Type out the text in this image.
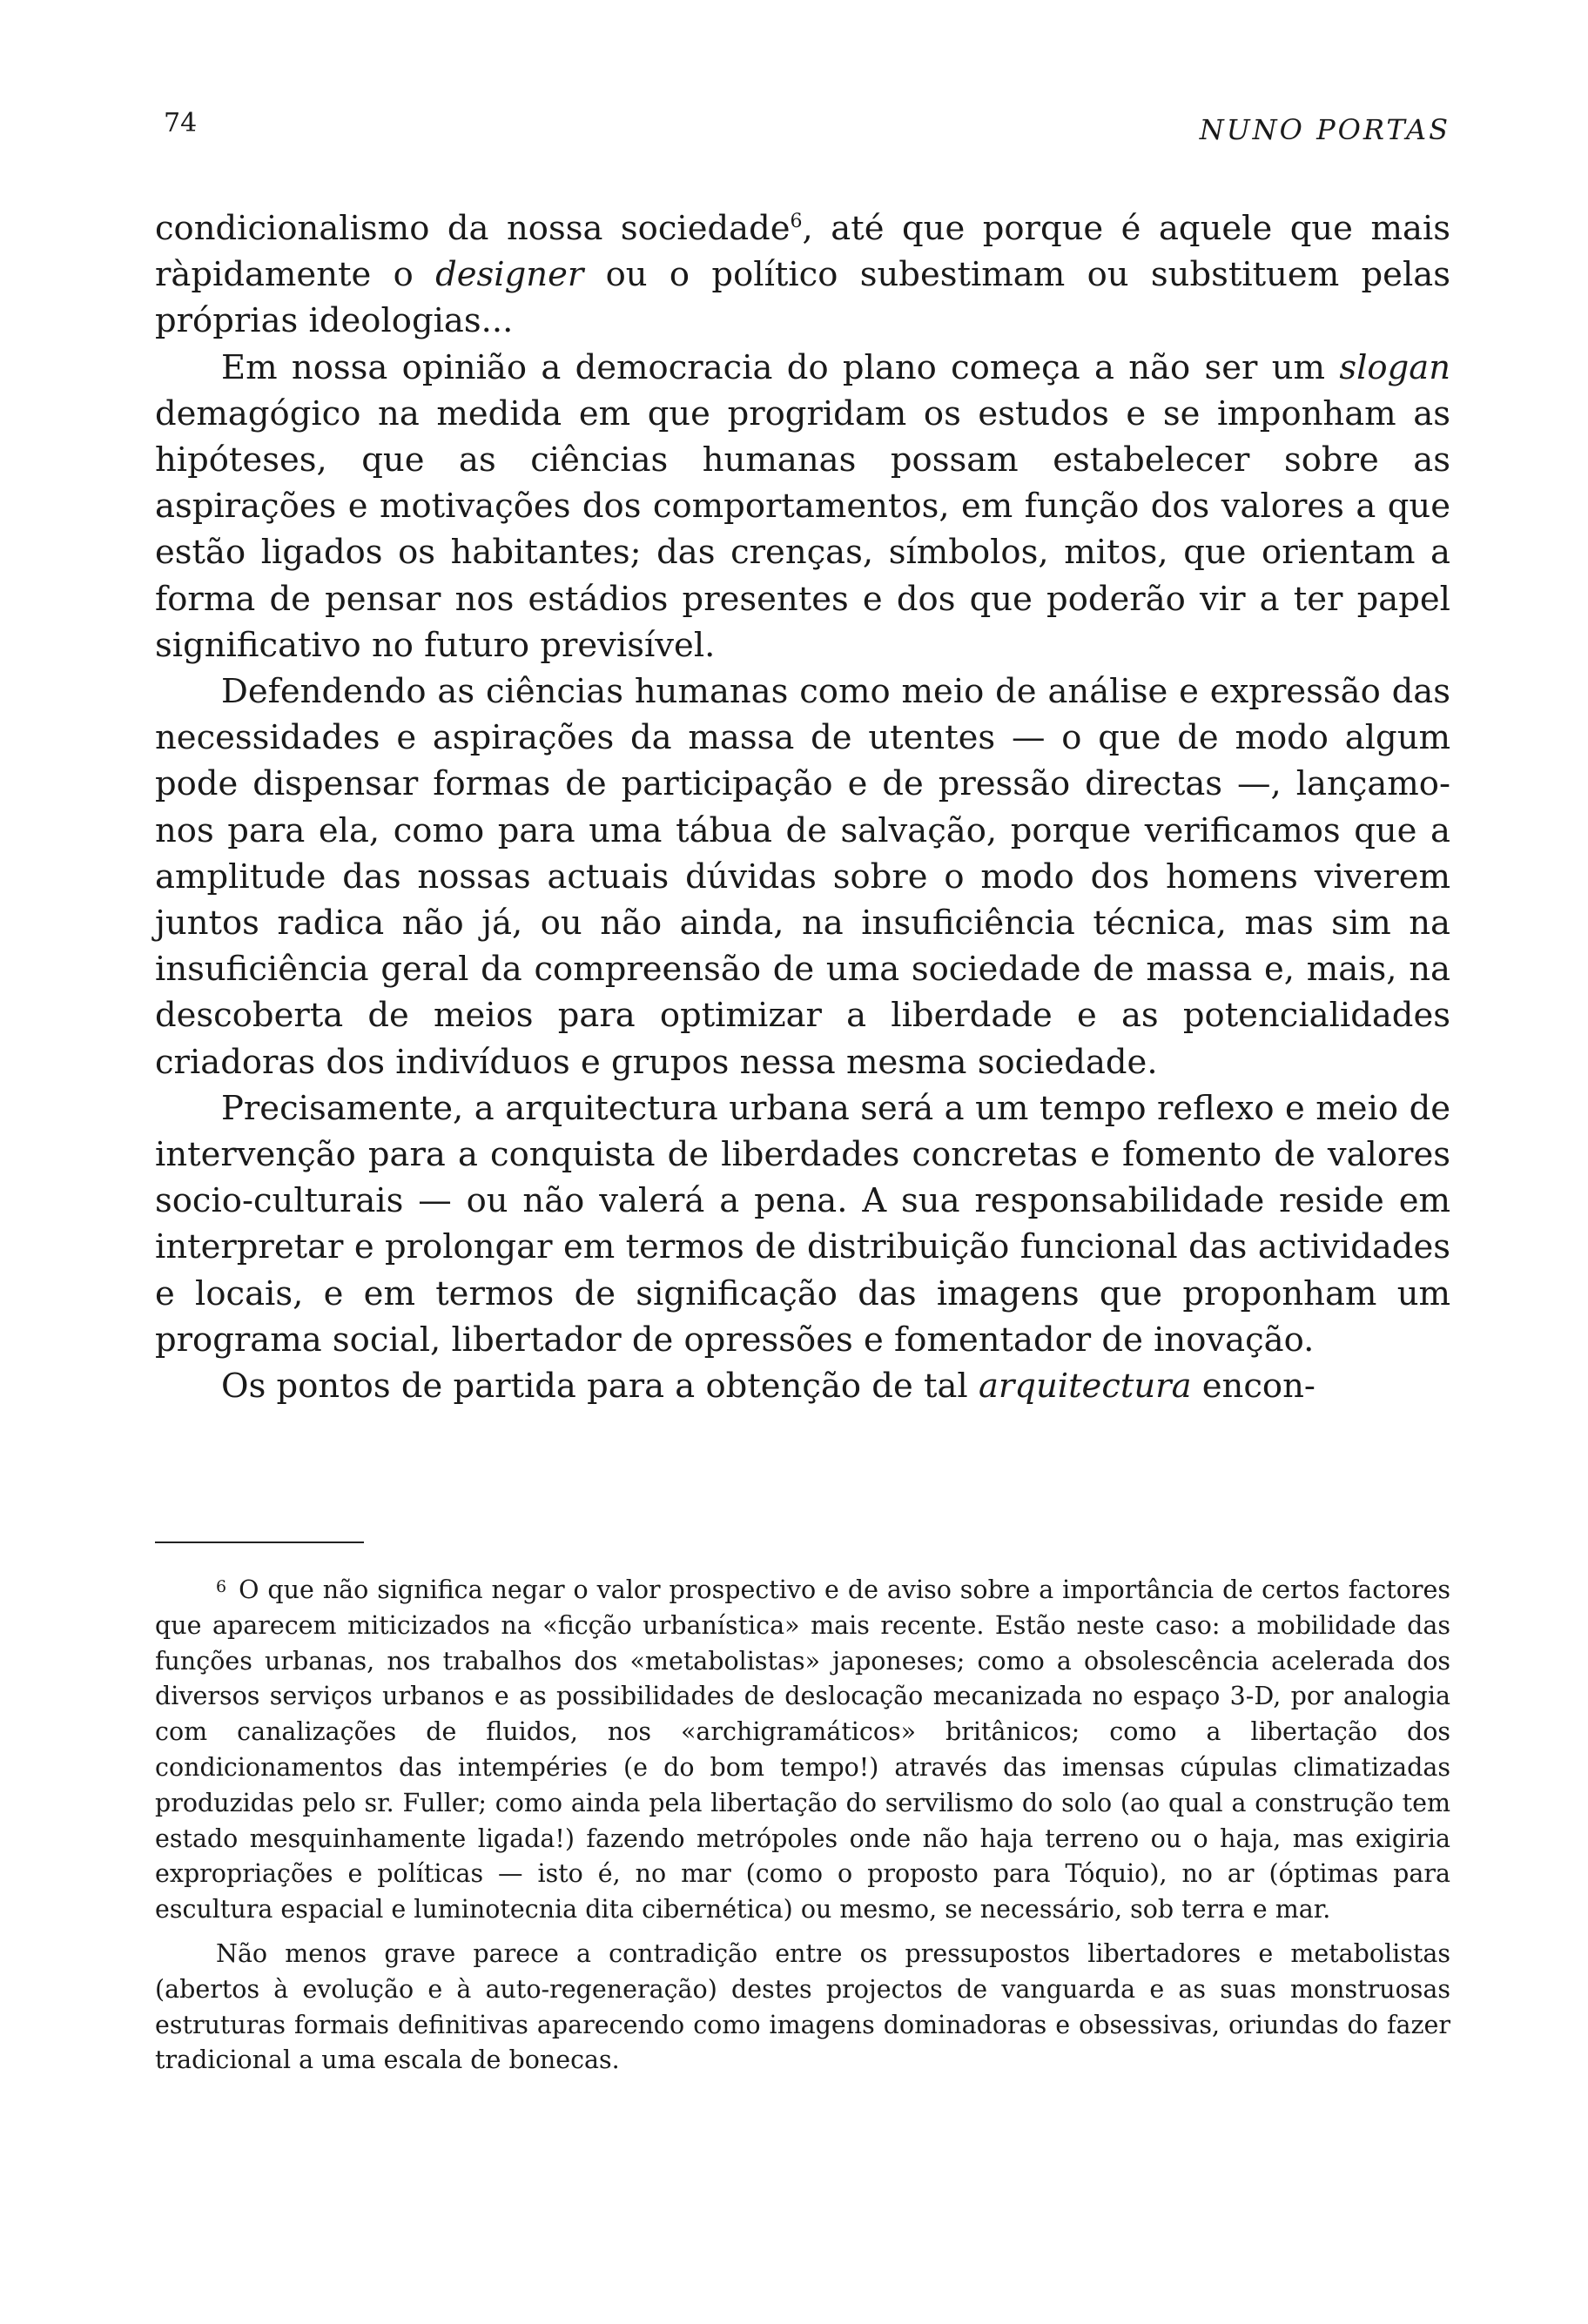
74	NUNO PORTAS

condicionalismo da nossa sociedade$^6$, até que porque é aquele que mais ràpidamente o designer ou o político subestimam ou substituem pelas próprias ideologias...

Em nossa opinião a democracia do plano começa a não ser um slogan demagógico na medida em que progridam os estudos e se imponham as hipóteses, que as ciências humanas possam estabelecer sobre as aspirações e motivações dos comportamentos, em função dos valores a que estão ligados os habitantes; das crenças, símbolos, mitos, que orientam a forma de pensar nos estádios presentes e dos que poderão vir a ter papel significativo no futuro previsível.

Defendendo as ciências humanas como meio de análise e expressão das necessidades e aspirações da massa de utentes — o que de modo algum pode dispensar formas de participação e de pressão directas —, lançamo-nos para ela, como para uma tábua de salvação, porque verificamos que a amplitude das nossas actuais dúvidas sobre o modo dos homens viverem juntos radica não já, ou não ainda, na insuficiência técnica, mas sim na insuficiência geral da compreensão de uma sociedade de massa e, mais, na descoberta de meios para optimizar a liberdade e as potencialidades criadoras dos indivíduos e grupos nessa mesma sociedade.

Precisamente, a arquitectura urbana será a um tempo reflexo e meio de intervenção para a conquista de liberdades concretas e fomento de valores socio-culturais — ou não valerá a pena. A sua responsabilidade reside em interpretar e prolongar em termos de distribuição funcional das actividades e locais, e em termos de significação das imagens que proponham um programa social, libertador de opressões e fomentador de inovação.

Os pontos de partida para a obtenção de tal arquitectura encon-

$^6$ O que não significa negar o valor prospectivo e de aviso sobre a importância de certos factores que aparecem miticizados na «ficção urbanística» mais recente. Estão neste caso: a mobilidade das funções urbanas, nos trabalhos dos «metabolistas» japoneses; como a obsolescência acelerada dos diversos serviços urbanos e as possibilidades de deslocação mecanizada no espaço 3-D, por analogia com canalizações de fluidos, nos «archigramáticos» britânicos; como a libertação dos condicionamentos das intempéries (e do bom tempo!) através das imensas cúpulas climatizadas produzidas pelo sr. Fuller; como ainda pela libertação do servilismo do solo (ao qual a construção tem estado mesquinhamente ligada!) fazendo metrópoles onde não haja terreno ou o haja, mas exigiria expropriações e políticas — isto é, no mar (como o proposto para Tóquio), no ar (óptimas para escultura espacial e luminotecnia dita cibernética) ou mesmo, se necessário, sob terra e mar.

Não menos grave parece a contradição entre os pressupostos libertadores e metabolistas (abertos à evolução e à auto-regeneração) destes projectos de vanguarda e as suas monstruosas estruturas formais definitivas aparecendo como imagens dominadoras e obsessivas, oriundas do fazer tradicional a uma escala de bonecas.
